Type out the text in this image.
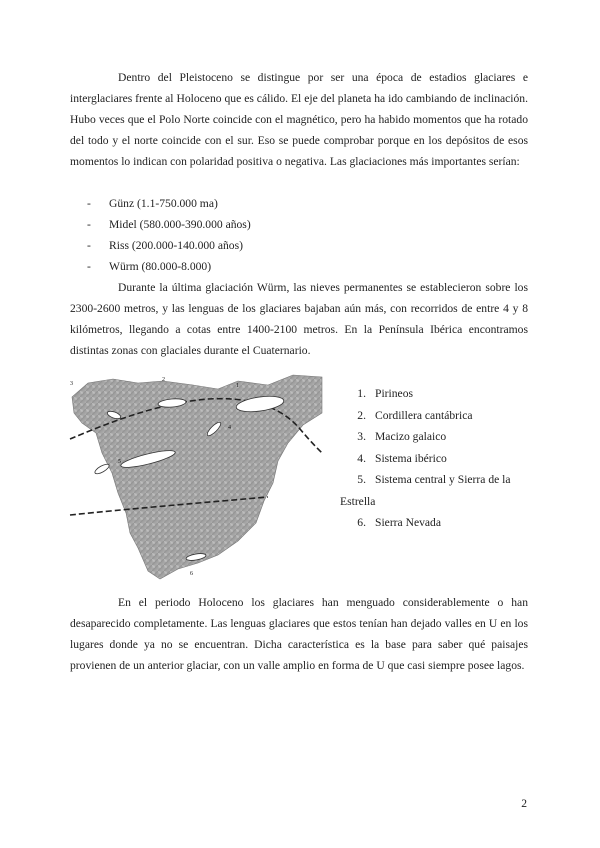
Dentro del Pleistoceno se distingue por ser una época de estadios glaciares e interglaciares frente al Holoceno que es cálido. El eje del planeta ha ido cambiando de inclinación. Hubo veces que el Polo Norte coincide con el magnético, pero ha habido momentos que ha rotado del todo y el norte coincide con el sur. Eso se puede comprobar porque en los depósitos de esos momentos lo indican con polaridad positiva o negativa. Las glaciaciones más importantes serían:

- Günz (1.1-750.000 ma)
- Midel (580.000-390.000 años)
- Riss (200.000-140.000 años)
- Würm (80.000-8.000)

Durante la última glaciación Würm, las nieves permanentes se establecieron sobre los 2300-2600 metros, y las lenguas de los glaciares bajaban aún más, con recorridos de entre 4 y 8 kilómetros, llegando a cotas entre 1400-2100 metros. En la Península Ibérica encontramos distintas zonas con glaciales durante el Cuaternario.

1
2
3
4
5
6
1. Pirineos
2. Cordillera cantábrica
3. Macizo galaico
4. Sistema ibérico
5. Sistema central y Sierra de la
Estrella
6. Sierra Nevada

En el periodo Holoceno los glaciares han menguado considerablemente o han desaparecido completamente. Las lenguas glaciares que estos tenían han dejado valles en U en los lugares donde ya no se encuentran. Dicha característica es la base para saber qué paisajes provienen de un anterior glaciar, con un valle amplio en forma de U que casi siempre posee lagos.

2
